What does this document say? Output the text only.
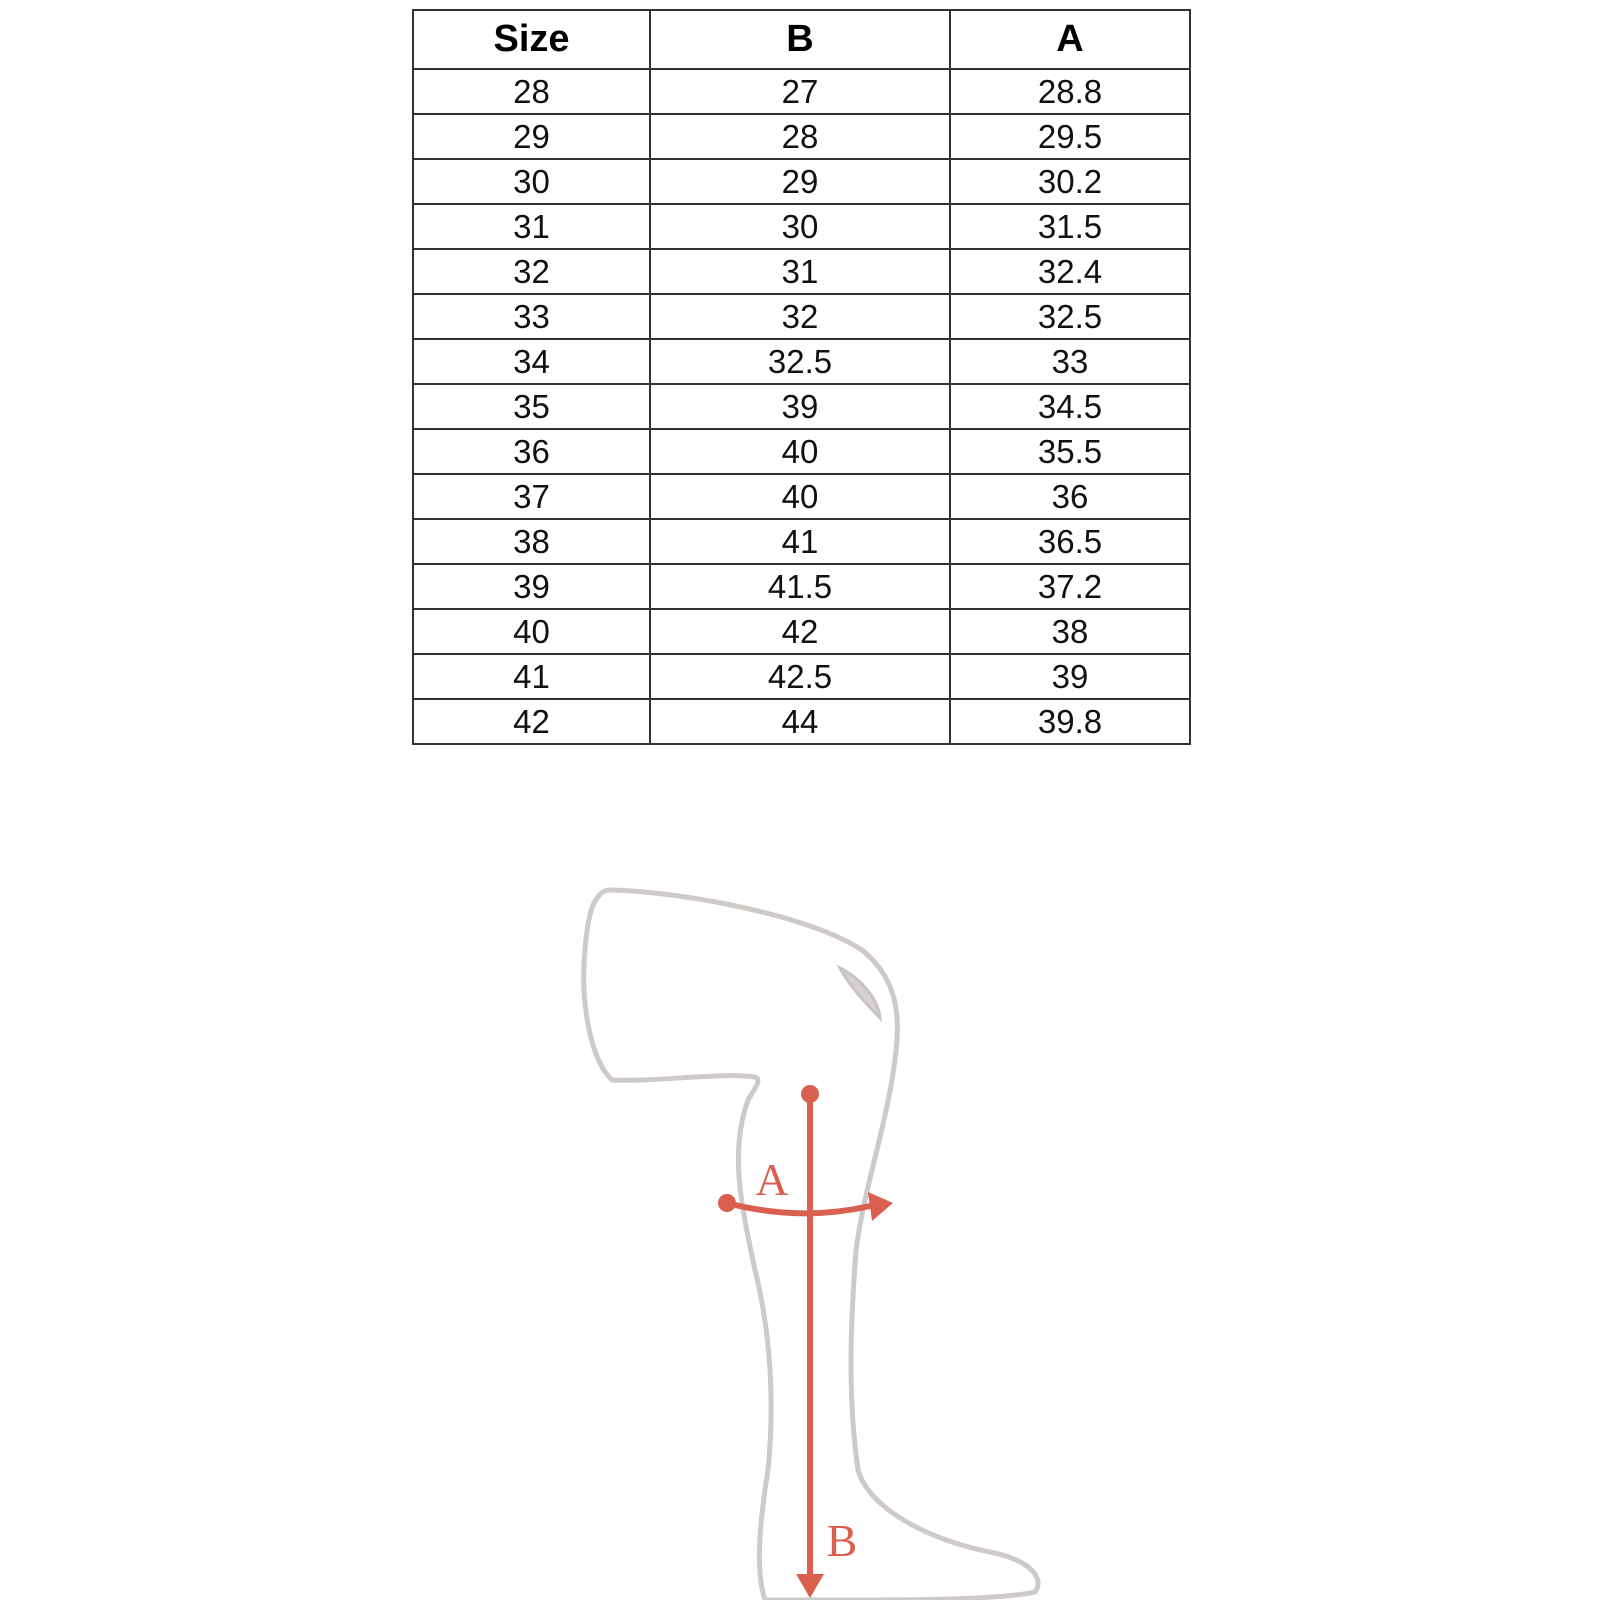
Size	B	A
28	27	28.8
29	28	29.5
30	29	30.2
31	30	31.5
32	31	32.4
33	32	32.5
34	32.5	33
35	39	34.5
36	40	35.5
37	40	36
38	41	36.5
39	41.5	37.2
40	42	38
41	42.5	39
42	44	39.8
A
B
